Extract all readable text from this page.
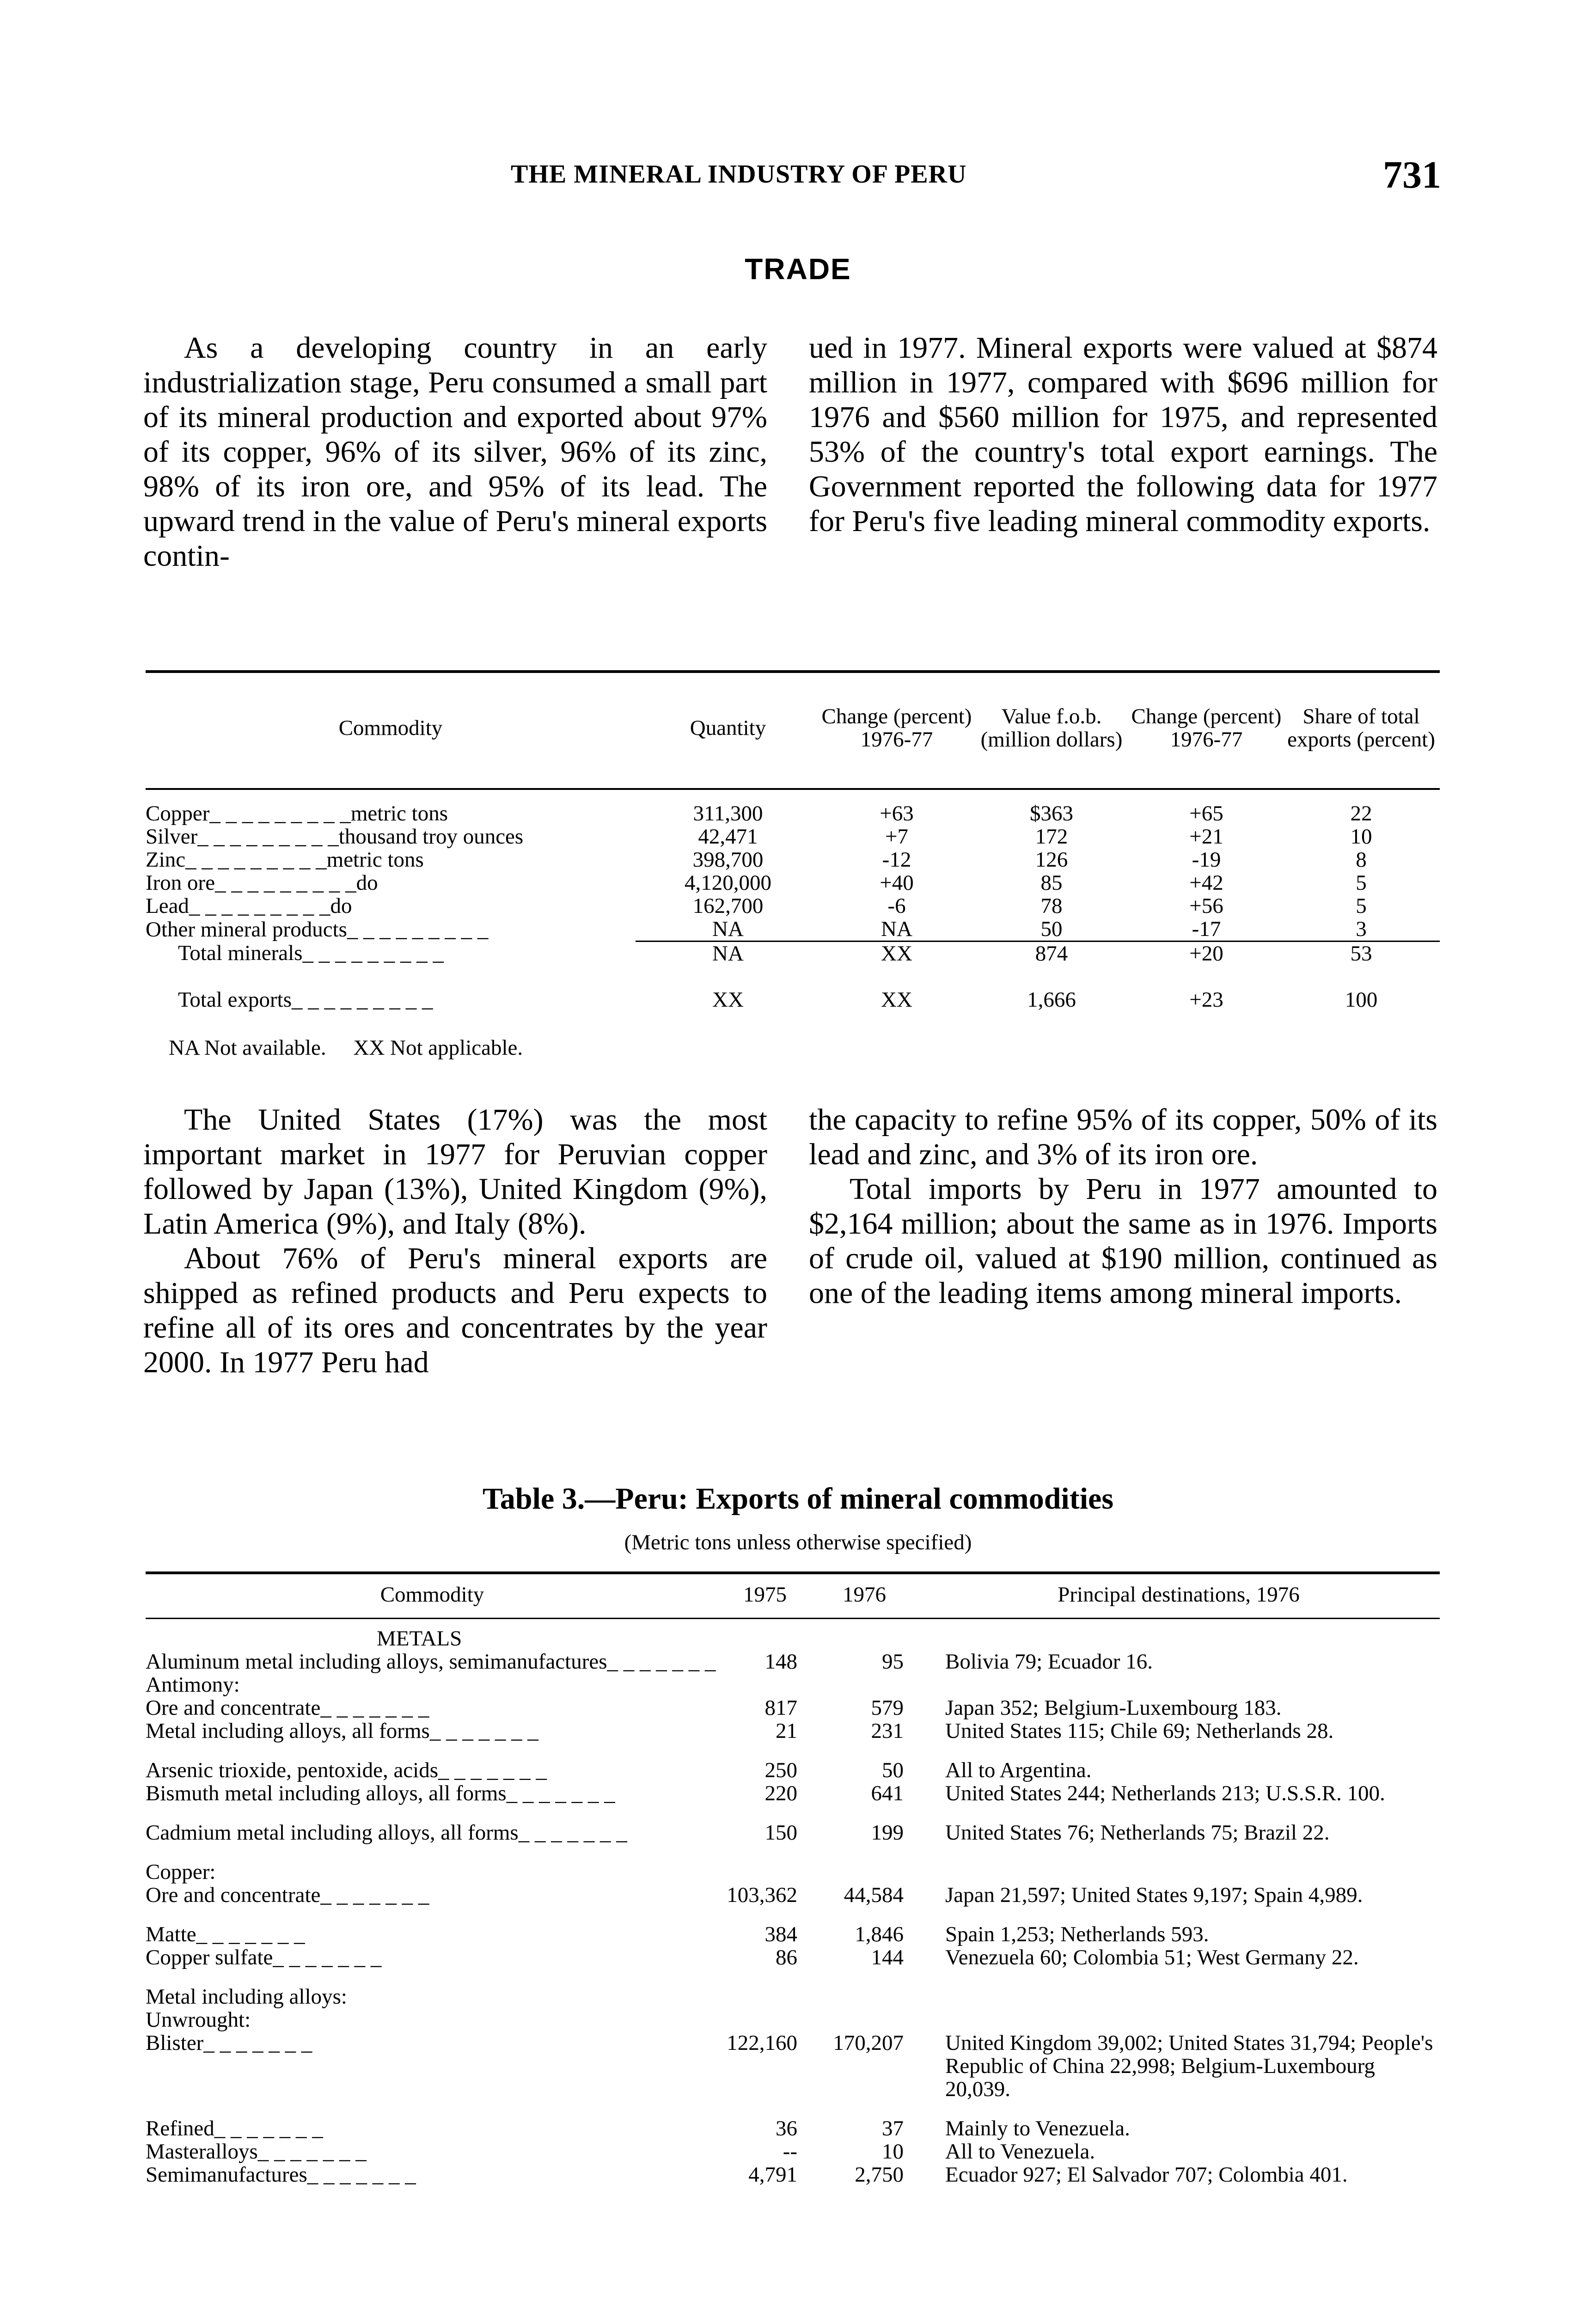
THE MINERAL INDUSTRY OF PERU	731
TRADE

As a developing country in an early industrialization stage, Peru consumed a small part of its mineral production and exported about 97% of its copper, 96% of its silver, 96% of its zinc, 98% of its iron ore, and 95% of its lead. The upward trend in the value of Peru's mineral exports contin-

ued in 1977. Mineral exports were valued at $874 million in 1977, compared with $696 million for 1976 and $560 million for 1975, and represented 53% of the country's total export earnings. The Government reported the following data for 1977 for Peru's five leading mineral commodity exports.

Commodity	Quantity	Change (percent) 1976-77	Value f.o.b. (million dollars)	Change (percent) 1976-77	Share of total exports (percent)

Copper_ _ _ _ _ _ _ _ _metric tons	311,300	+63	$363	+65	22
Silver_ _ _ _ _ _ _ _ _thousand troy ounces	42,471	+7	172	+21	10
Zinc_ _ _ _ _ _ _ _ _metric tons	398,700	-12	126	-19	8
Iron ore_ _ _ _ _ _ _ _ _do	4,120,000	+40	85	+42	5
Lead_ _ _ _ _ _ _ _ _do	162,700	-6	78	+56	5
Other mineral products_ _ _ _ _ _ _ _ _	NA	NA	50	-17	3
Total minerals_ _ _ _ _ _ _ _ _	NA	XX	874	+20	53

Total exports_ _ _ _ _ _ _ _ _	XX	XX	1,666	+23	100
NA Not available.     XX Not applicable.

The United States (17%) was the most important market in 1977 for Peruvian copper followed by Japan (13%), United Kingdom (9%), Latin America (9%), and Italy (8%).

About 76% of Peru's mineral exports are shipped as refined products and Peru expects to refine all of its ores and concentrates by the year 2000. In 1977 Peru had

the capacity to refine 95% of its copper, 50% of its lead and zinc, and 3% of its iron ore.

Total imports by Peru in 1977 amounted to $2,164 million; about the same as in 1976. Imports of crude oil, valued at $190 million, continued as one of the leading items among mineral imports.

Table 3.—Peru: Exports of mineral commodities
(Metric tons unless otherwise specified)
Commodity	1975	1976	Principal destinations, 1976
METALS			
Aluminum metal including alloys, semimanufactures_ _ _ _ _ _ _	148	95	Bolivia 79; Ecuador 16.
Antimony:			
Ore and concentrate_ _ _ _ _ _ _	817	579	Japan 352; Belgium-Luxembourg 183.
Metal including alloys, all forms_ _ _ _ _ _ _	21	231	United States 115; Chile 69; Netherlands 28.

Arsenic trioxide, pentoxide, acids_ _ _ _ _ _ _	250	50	All to Argentina.
Bismuth metal including alloys, all forms_ _ _ _ _ _ _	220	641	United States 244; Netherlands 213; U.S.S.R. 100.

Cadmium metal including alloys, all forms_ _ _ _ _ _ _	150	199	United States 76; Netherlands 75; Brazil 22.

Copper:			
Ore and concentrate_ _ _ _ _ _ _	103,362	44,584	Japan 21,597; United States 9,197; Spain 4,989.

Matte_ _ _ _ _ _ _	384	1,846	Spain 1,253; Netherlands 593.
Copper sulfate_ _ _ _ _ _ _	86	144	Venezuela 60; Colombia 51; West Germany 22.

Metal including alloys:			
Unwrought:			
Blister_ _ _ _ _ _ _	122,160	170,207	United Kingdom 39,002; United States 31,794; People's Republic of China 22,998; Belgium-Luxembourg 20,039.

Refined_ _ _ _ _ _ _	36	37	Mainly to Venezuela.
Masteralloys_ _ _ _ _ _ _	--	10	All to Venezuela.
Semimanufactures_ _ _ _ _ _ _	4,791	2,750	Ecuador 927; El Salvador 707; Colombia 401.
